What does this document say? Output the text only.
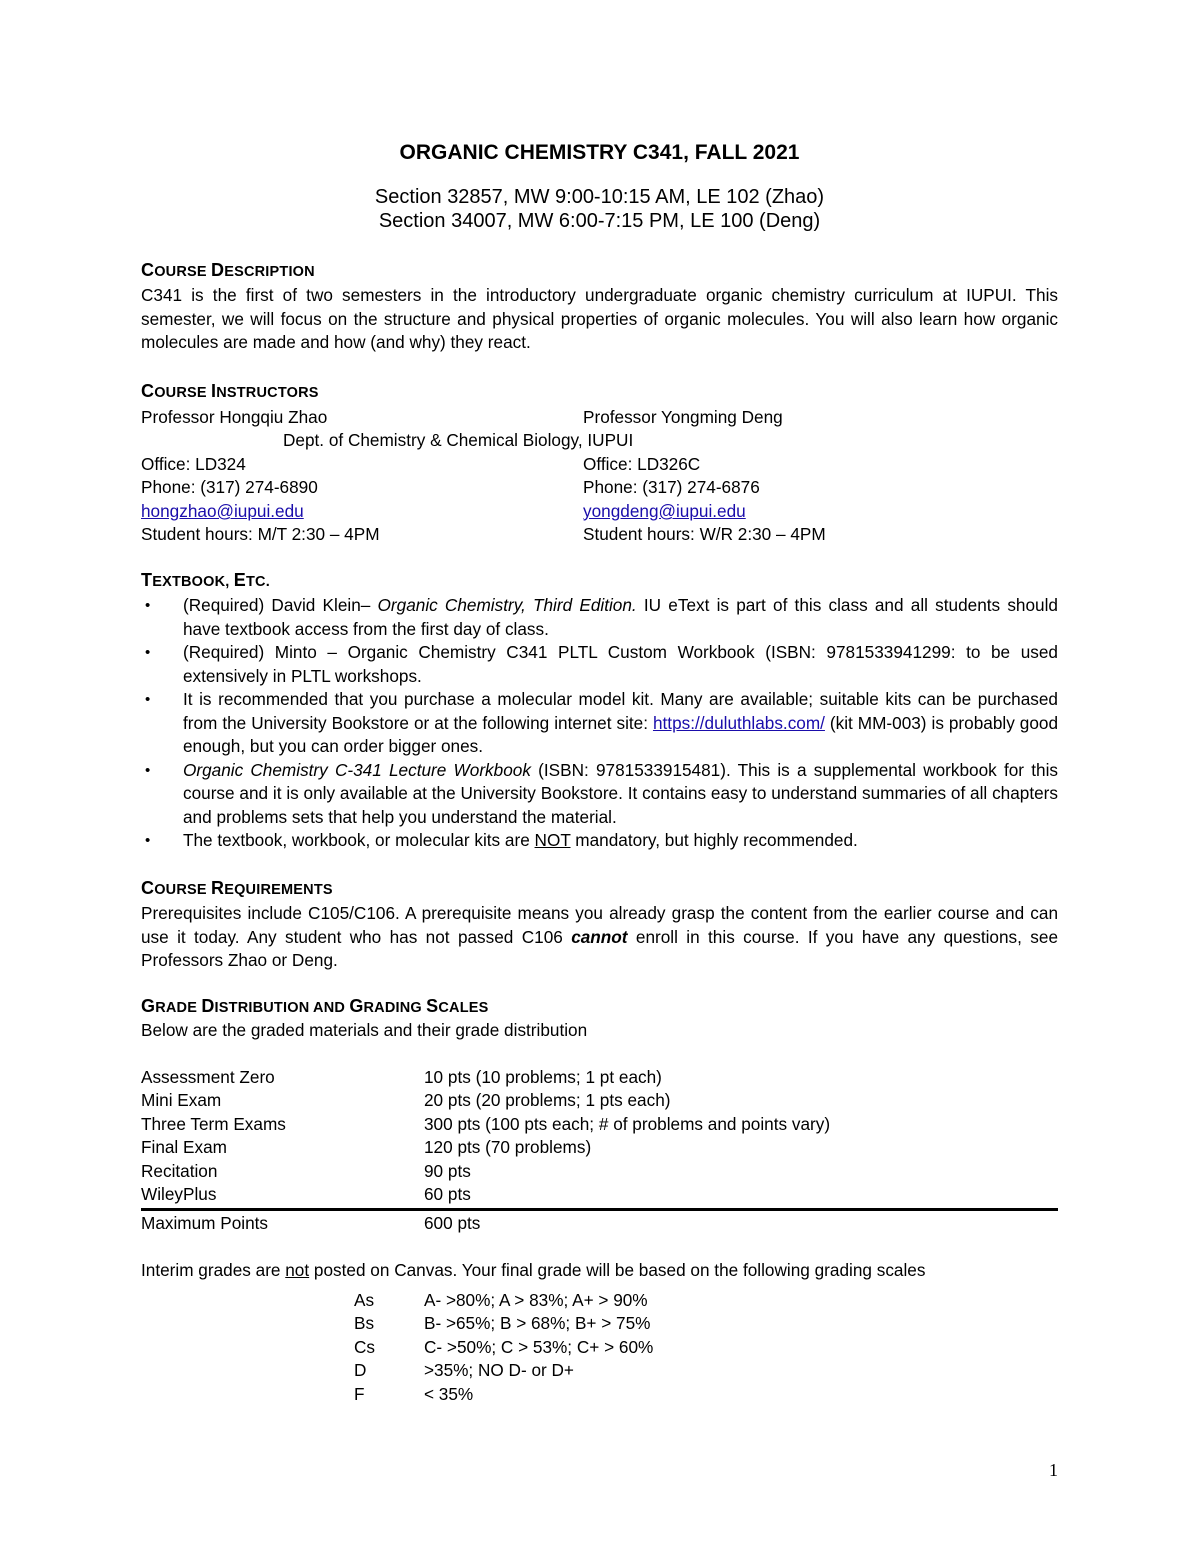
ORGANIC CHEMISTRY C341, FALL 2021
Section 32857, MW 9:00-10:15 AM, LE 102 (Zhao)
Section 34007, MW 6:00-7:15 PM, LE 100 (Deng)
COURSE DESCRIPTION
C341 is the first of two semesters in the introductory undergraduate organic chemistry curriculum at IUPUI. This semester, we will focus on the structure and physical properties of organic molecules. You will also learn how organic molecules are made and how (and why) they react.
COURSE INSTRUCTORS
Professor Hongqiu Zhao	Professor Yongming Deng
Dept. of Chemistry & Chemical Biology, IUPUI
Office: LD324	Office: LD326C
Phone: (317) 274-6890	Phone: (317) 274-6876
hongzhao@iupui.edu	yongdeng@iupui.edu
Student hours: M/T 2:30 – 4PM	Student hours: W/R 2:30 – 4PM
TEXTBOOK, ETC.
• (Required) David Klein– Organic Chemistry, Third Edition. IU eText is part of this class and all students should have textbook access from the first day of class.
• (Required) Minto – Organic Chemistry C341 PLTL Custom Workbook (ISBN: 9781533941299: to be used extensively in PLTL workshops.
• It is recommended that you purchase a molecular model kit. Many are available; suitable kits can be purchased from the University Bookstore or at the following internet site: https://duluthlabs.com/ (kit MM-003) is probably good enough, but you can order bigger ones.
• Organic Chemistry C-341 Lecture Workbook (ISBN: 9781533915481). This is a supplemental workbook for this course and it is only available at the University Bookstore. It contains easy to understand summaries of all chapters and problems sets that help you understand the material.
• The textbook, workbook, or molecular kits are NOT mandatory, but highly recommended.
COURSE REQUIREMENTS
Prerequisites include C105/C106. A prerequisite means you already grasp the content from the earlier course and can use it today. Any student who has not passed C106 cannot enroll in this course. If you have any questions, see Professors Zhao or Deng.
GRADE DISTRIBUTION AND GRADING SCALES
Below are the graded materials and their grade distribution
Assessment Zero	10 pts (10 problems; 1 pt each)
Mini Exam	20 pts (20 problems; 1 pts each)
Three Term Exams	300 pts (100 pts each; # of problems and points vary)
Final Exam	120 pts (70 problems)
Recitation	90 pts
WileyPlus	60 pts
Maximum Points	600 pts
Interim grades are not posted on Canvas. Your final grade will be based on the following grading scales
As	A- >80%; A > 83%; A+ > 90%
Bs	B- >65%; B > 68%; B+ > 75%
Cs	C- >50%; C > 53%; C+ > 60%
D	>35%; NO D- or D+
F	< 35%
1
